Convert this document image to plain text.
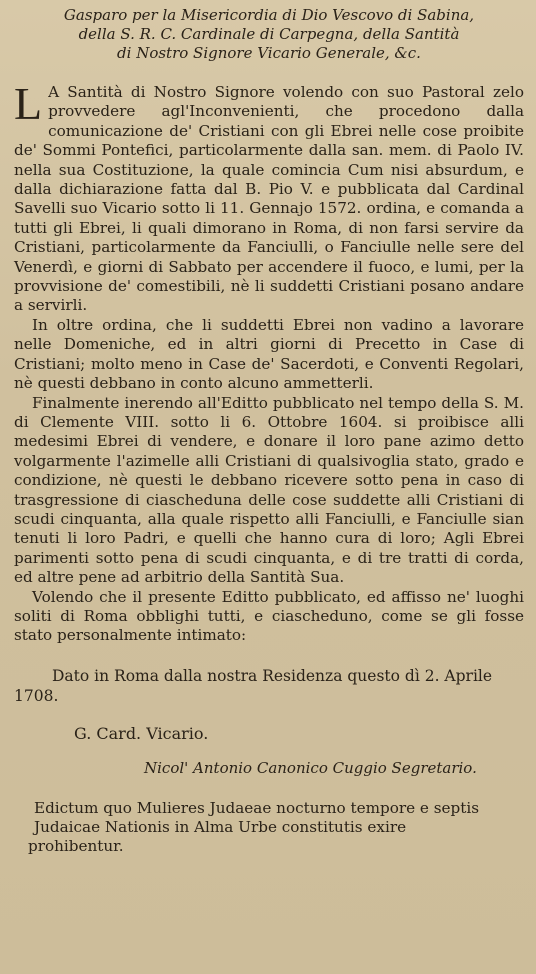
Gasparo per la Misericordia di Dio Vescovo di Sabina,
della S. R. C. Cardinale di Carpegna, della Santità
di Nostro Signore Vicario Generale, &c.

L A Santità di Nostro Signore volendo con suo Pastoral zelo provvedere agl'Inconvenienti, che procedono dalla comunicazione de' Cristiani con gli Ebrei nelle cose proibite de' Sommi Pontefici, particolarmente dalla san. mem. di Paolo IV. nella sua Costituzione, la quale comincia Cum nisi absurdum, e dalla dichiarazione fatta dal B. Pio V. e pubblicata dal Cardinal Savelli suo Vicario sotto li 11. Gennajo 1572. ordina, e comanda a tutti gli Ebrei, li quali dimorano in Roma, di non farsi servire da Cristiani, particolarmente da Fanciulli, o Fanciulle nelle sere del Venerdì, e giorni di Sabbato per accendere il fuoco, e lumi, per la provvisione de' comestibili, nè li suddetti Cristiani posano andare a servirli.

In oltre ordina, che li suddetti Ebrei non vadino a lavorare nelle Domeniche, ed in altri giorni di Precetto in Case di Cristiani; molto meno in Case de' Sacerdoti, e Conventi Regolari, nè questi debbano in conto alcuno ammetterli.

Finalmente inerendo all'Editto pubblicato nel tempo della S. M. di Clemente VIII. sotto li 6. Ottobre 1604. si proibisce alli medesimi Ebrei di vendere, e donare il loro pane azimo detto volgarmente l'azimelle alli Cristiani di qualsivoglia stato, grado e condizione, nè questi le debbano ricevere sotto pena in caso di trasgressione di ciascheduna delle cose suddette alli Cristiani di scudi cinquanta, alla quale rispetto alli Fanciulli, e Fanciulle sian tenuti li loro Padri, e quelli che hanno cura di loro; Agli Ebrei parimenti sotto pena di scudi cinquanta, e di tre tratti di corda, ed altre pene ad arbitrio della Santità Sua.

Volendo che il presente Editto pubblicato, ed affisso ne' luoghi soliti di Roma obblighi tutti, e ciascheduno, come se gli fosse stato personalmente intimato:

Dato in Roma dalla nostra Residenza questo dì 2. Aprile 1708.
G. Card. Vicario.
Nicol' Antonio Canonico Cuggio Segretario.
Edictum quo Mulieres Judaeae nocturno tempore e septis Judaicae Nationis in Alma Urbe constitutis exire
prohibentur.
